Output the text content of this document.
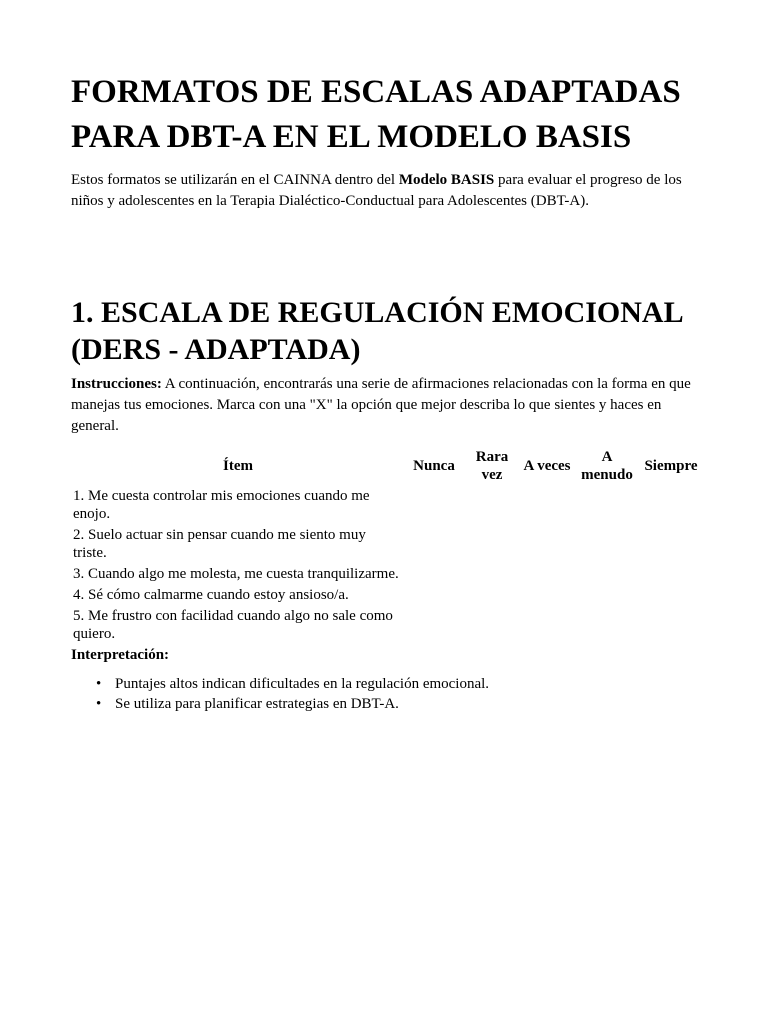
FORMATOS DE ESCALAS ADAPTADAS
PARA DBT-A EN EL MODELO BASIS

Estos formatos se utilizarán en el CAINNA dentro del Modelo BASIS para evaluar el progreso de los niños y adolescentes en la Terapia Dialéctico-Conductual para Adolescentes (DBT-A).

1. ESCALA DE REGULACIÓN EMOCIONAL
(DERS - ADAPTADA)

Instrucciones: A continuación, encontrarás una serie de afirmaciones relacionadas con la forma en que manejas tus emociones. Marca con una "X" la opción que mejor describa lo que sientes y haces en general.

Ítem	Nunca	Rara vez	A veces	A menudo	Siempre
1. Me cuesta controlar mis emociones cuando me enojo.					
2. Suelo actuar sin pensar cuando me siento muy triste.					
3. Cuando algo me molesta, me cuesta tranquilizarme.					
4. Sé cómo calmarme cuando estoy ansioso/a.					
5. Me frustro con facilidad cuando algo no sale como quiero.					

Interpretación:

• Puntajes altos indican dificultades en la regulación emocional.
• Se utiliza para planificar estrategias en DBT-A.
